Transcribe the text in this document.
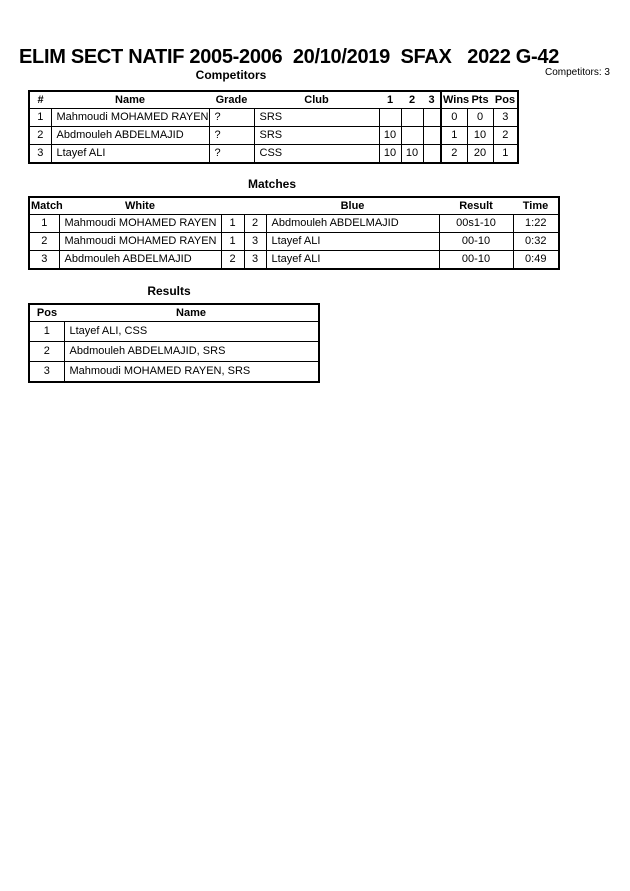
ELIM SECT NATIF 2005-2006  20/10/2019  SFAX   2022 G-42
Competitors	Competitors: 3
#	Name	Grade	Club	1	2	3	Wins	Pts	Pos
1	Mahmoudi MOHAMED RAYEN	?	SRS				0	0	3
2	Abdmouleh ABDELMAJID	?	SRS	10			1	10	2
3	Ltayef ALI	?	CSS	10	10		2	20	1
Matches
Match	White			Blue	Result	Time
1	Mahmoudi MOHAMED RAYEN	1	2	Abdmouleh ABDELMAJID	00s1-10	1:22
2	Mahmoudi MOHAMED RAYEN	1	3	Ltayef ALI	00-10	0:32
3	Abdmouleh ABDELMAJID	2	3	Ltayef ALI	00-10	0:49
Results
Pos	Name
1	Ltayef ALI, CSS
2	Abdmouleh ABDELMAJID, SRS
3	Mahmoudi MOHAMED RAYEN, SRS
